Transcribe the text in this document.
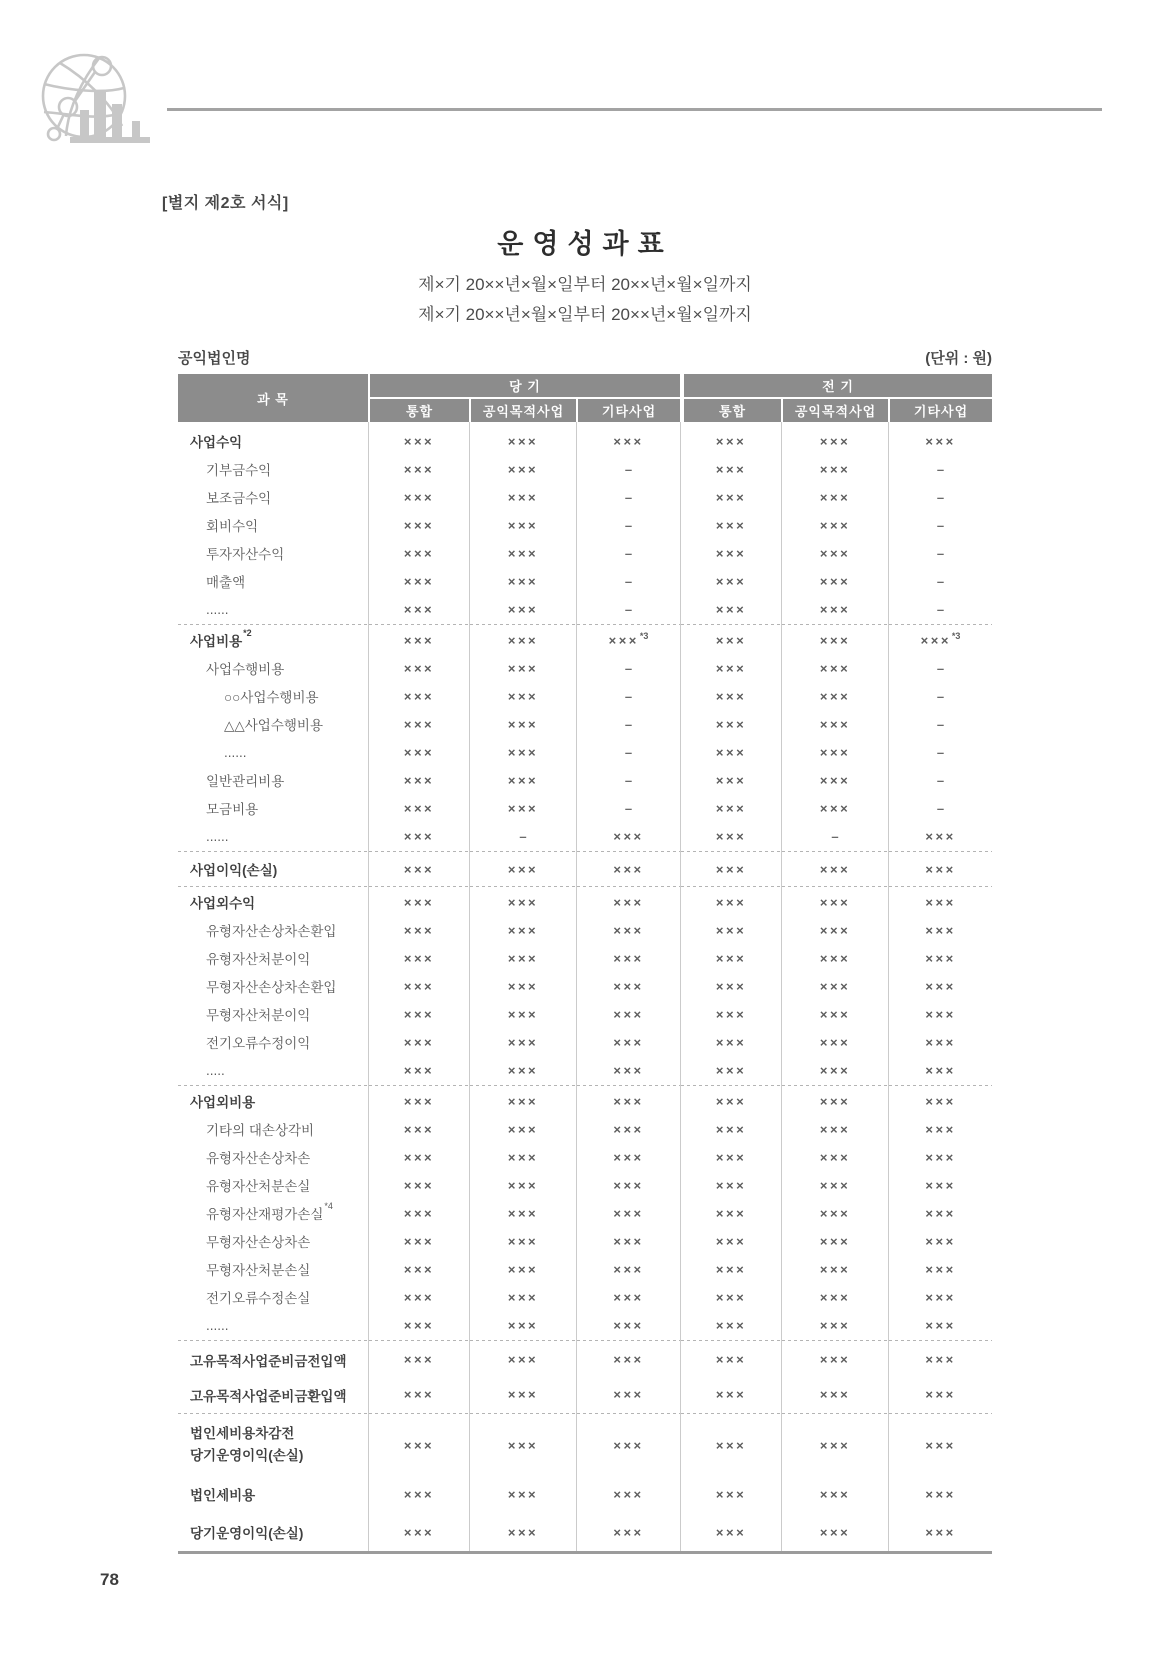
[별지 제2호 서식]
운영성과표
제×기 20××년×월×일부터 20××년×월×일까지
제×기 20××년×월×일부터 20××년×월×일까지
공익법인명	(단위 : 원)
과 목	당 기			전 기		
	통합	공익목적사업	기타사업	통합	공익목적사업	기타사업
사업수익	×××	×××	×××	×××	×××	×××
기부금수익	×××	×××	–	×××	×××	–
보조금수익	×××	×××	–	×××	×××	–
회비수익	×××	×××	–	×××	×××	–
투자자산수익	×××	×××	–	×××	×××	–
매출액	×××	×××	–	×××	×××	–
......	×××	×××	–	×××	×××	–

사업비용$^{*2}$	×××	×××	×××$^{*3}$	×××	×××	×××$^{*3}$
사업수행비용	×××	×××	–	×××	×××	–
○○사업수행비용	×××	×××	–	×××	×××	–
△△사업수행비용	×××	×××	–	×××	×××	–
......	×××	×××	–	×××	×××	–
일반관리비용	×××	×××	–	×××	×××	–
모금비용	×××	×××	–	×××	×××	–
......	×××	–	×××	×××	–	×××

사업이익(손실)	×××	×××	×××	×××	×××	×××

사업외수익	×××	×××	×××	×××	×××	×××
유형자산손상차손환입	×××	×××	×××	×××	×××	×××
유형자산처분이익	×××	×××	×××	×××	×××	×××
무형자산손상차손환입	×××	×××	×××	×××	×××	×××
무형자산처분이익	×××	×××	×××	×××	×××	×××
전기오류수정이익	×××	×××	×××	×××	×××	×××
.....	×××	×××	×××	×××	×××	×××

사업외비용	×××	×××	×××	×××	×××	×××
기타의 대손상각비	×××	×××	×××	×××	×××	×××
유형자산손상차손	×××	×××	×××	×××	×××	×××
유형자산처분손실	×××	×××	×××	×××	×××	×××
유형자산재평가손실$^{*4}$	×××	×××	×××	×××	×××	×××
무형자산손상차손	×××	×××	×××	×××	×××	×××
무형자산처분손실	×××	×××	×××	×××	×××	×××
전기오류수정손실	×××	×××	×××	×××	×××	×××
......	×××	×××	×××	×××	×××	×××

고유목적사업준비금전입액	×××	×××	×××	×××	×××	×××
고유목적사업준비금환입액	×××	×××	×××	×××	×××	×××

법인세비용차감전
당기운영이익(손실)	×××	×××	×××	×××	×××	×××
법인세비용	×××	×××	×××	×××	×××	×××
당기운영이익(손실)	×××	×××	×××	×××	×××	×××
78
